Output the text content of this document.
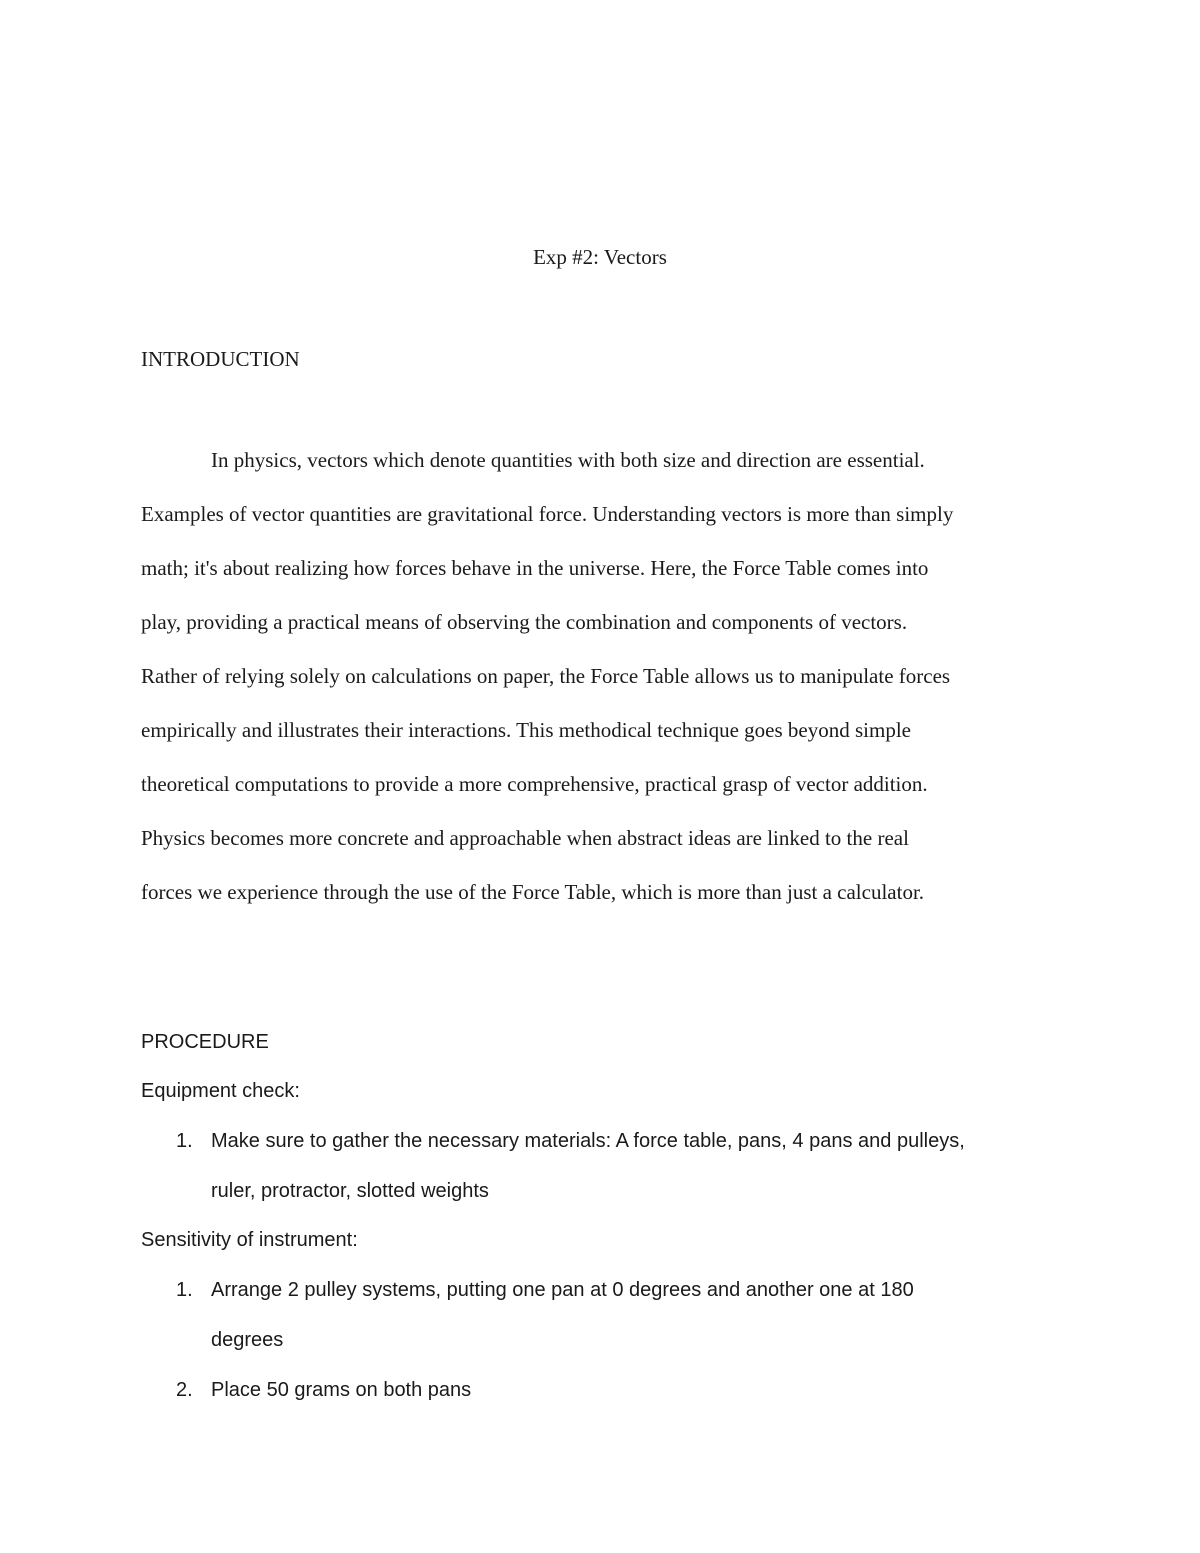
Exp #2: Vectors
INTRODUCTION
In physics, vectors which denote quantities with both size and direction are essential.
Examples of vector quantities are gravitational force. Understanding vectors is more than simply
math; it's about realizing how forces behave in the universe. Here, the Force Table comes into
play, providing a practical means of observing the combination and components of vectors.
Rather of relying solely on calculations on paper, the Force Table allows us to manipulate forces
empirically and illustrates their interactions. This methodical technique goes beyond simple
theoretical computations to provide a more comprehensive, practical grasp of vector addition.
Physics becomes more concrete and approachable when abstract ideas are linked to the real
forces we experience through the use of the Force Table, which is more than just a calculator.
PROCEDURE
Equipment check:
1. Make sure to gather the necessary materials: A force table, pans, 4 pans and pulleys,
ruler, protractor, slotted weights
Sensitivity of instrument:
1. Arrange 2 pulley systems, putting one pan at 0 degrees and another one at 180
degrees
2. Place 50 grams on both pans
